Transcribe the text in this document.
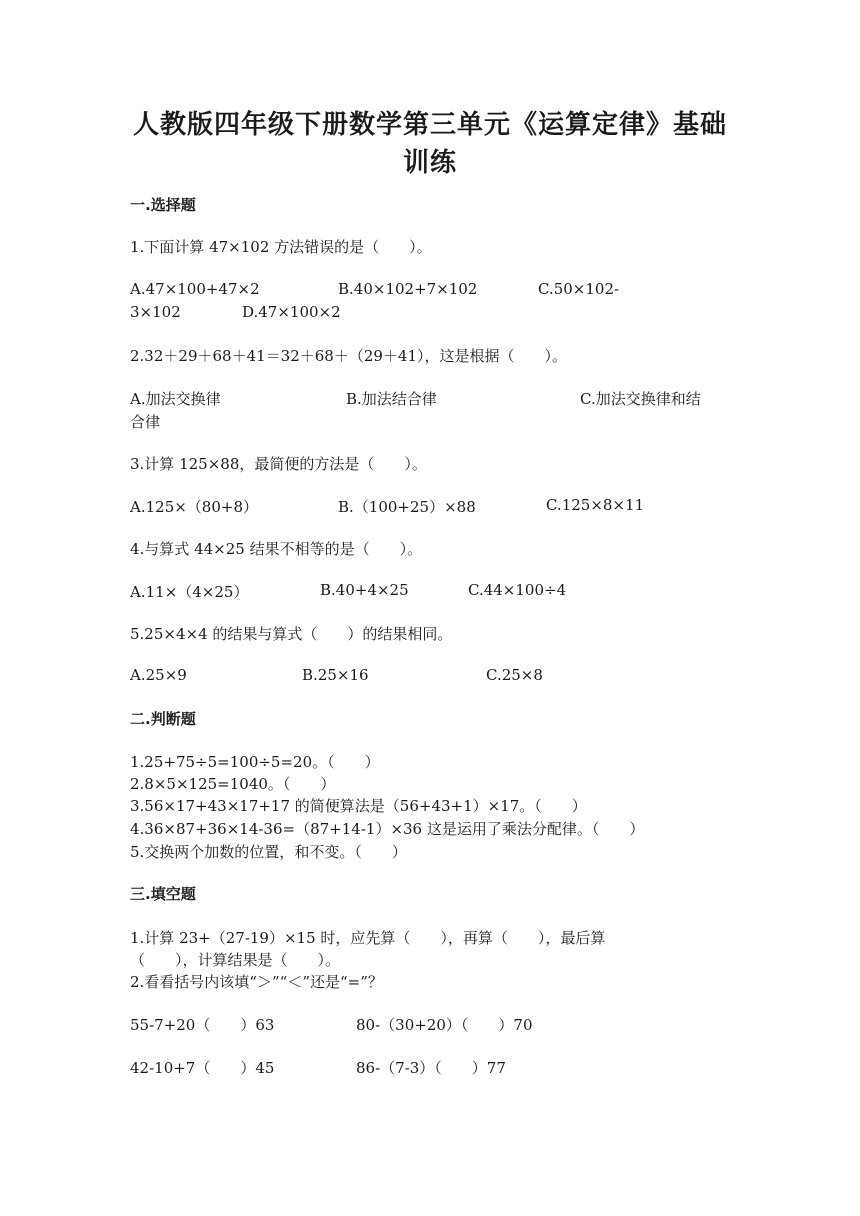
人教版四年级下册数学第三单元《运算定律》基础
训练
一.选择题
1.下面计算 47×102 方法错误的是（　　）。
A.47×100+47×2	B.40×102+7×102	C.50×102-
3×102	D.47×100×2
2.32＋29＋68＋41＝32＋68＋（29＋41），这是根据（　　）。
A.加法交换律	B.加法结合律	C.加法交换律和结
合律
3.计算 125×88，最简便的方法是（　　）。
A.125×（80+8）	B.（100+25）×88	C.125×8×11
4.与算式 44×25 结果不相等的是（　　）。
A.11×（4×25）	B.40+4×25	C.44×100÷4
5.25×4×4 的结果与算式（　　）的结果相同。
A.25×9	B.25×16	C.25×8
二.判断题
1.25+75÷5=100÷5=20。（　　）
2.8×5×125=1040。（　　）
3.56×17+43×17+17 的简便算法是（56+43+1）×17。（　　）
4.36×87+36×14-36=（87+14-1）×36 这是运用了乘法分配律。（　　）
5.交换两个加数的位置，和不变。（　　）
三.填空题
1.计算 23+（27-19）×15 时，应先算（　　），再算（　　），最后算
（　　），计算结果是（　　）。
2.看看括号内该填“＞”“＜”还是“=”？
55-7+20（　　）63	80-（30+20）（　　）70
42-10+7（　　）45	86-（7-3）（　　）77
